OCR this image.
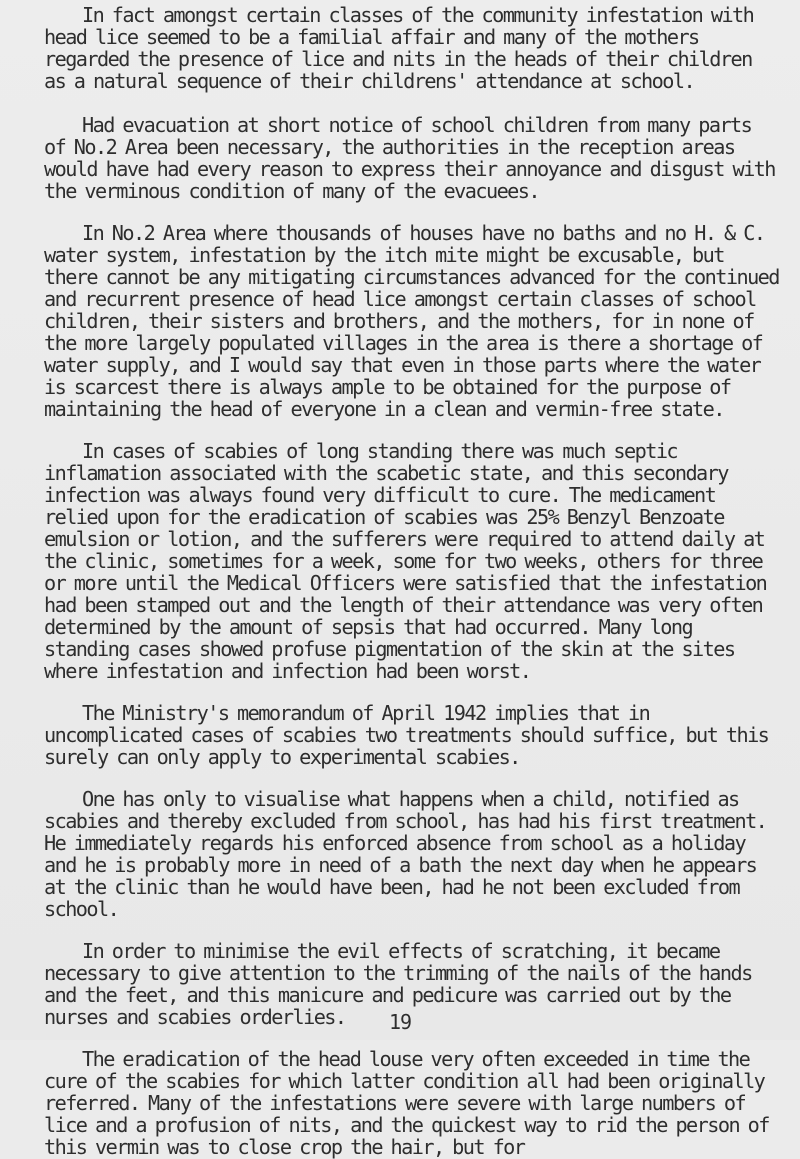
In fact amongst certain classes of the community infestation with head lice seemed to be a familial affair and many of the mothers regarded the presence of lice and nits in the heads of their children as a natural sequence of their childrens' attendance at school.

Had evacuation at short notice of school children from many parts of No.2 Area been necessary, the authorities in the reception areas would have had every reason to express their annoyance and disgust with the verminous condition of many of the evacuees.

In No.2 Area where thousands of houses have no baths and no H. & C. water system, infestation by the itch mite might be excusable, but there cannot be any mitigating circumstances advanced for the continued and recurrent presence of head lice amongst certain classes of school children, their sisters and brothers, and the mothers, for in none of the more largely populated villages in the area is there a shortage of water supply, and I would say that even in those parts where the water is scarcest there is always ample to be obtained for the purpose of maintaining the head of everyone in a clean and vermin-free state.

In cases of scabies of long standing there was much septic inflamation associated with the scabetic state, and this secondary infection was always found very difficult to cure. The medicament relied upon for the eradication of scabies was 25% Benzyl Benzoate emulsion or lotion, and the sufferers were required to attend daily at the clinic, sometimes for a week, some for two weeks, others for three or more until the Medical Officers were satisfied that the infestation had been stamped out and the length of their attendance was very often determined by the amount of sepsis that had occurred. Many long standing cases showed profuse pigmentation of the skin at the sites where infestation and infection had been worst.

The Ministry's memorandum of April 1942 implies that in uncomplicated cases of scabies two treatments should suffice, but this surely can only apply to experimental scabies.

One has only to visualise what happens when a child, notified as scabies and thereby excluded from school, has had his first treatment. He immediately regards his enforced absence from school as a holiday and he is probably more in need of a bath the next day when he appears at the clinic than he would have been, had he not been excluded from school.

In order to minimise the evil effects of scratching, it became necessary to give attention to the trimming of the nails of the hands and the feet, and this manicure and pedicure was carried out by the nurses and scabies orderlies.

The eradication of the head louse very often exceeded in time the cure of the scabies for which latter condition all had been originally referred. Many of the infestations were severe with large numbers of lice and a profusion of nits, and the quickest way to rid the person of this vermin was to close crop the hair, but for

19
